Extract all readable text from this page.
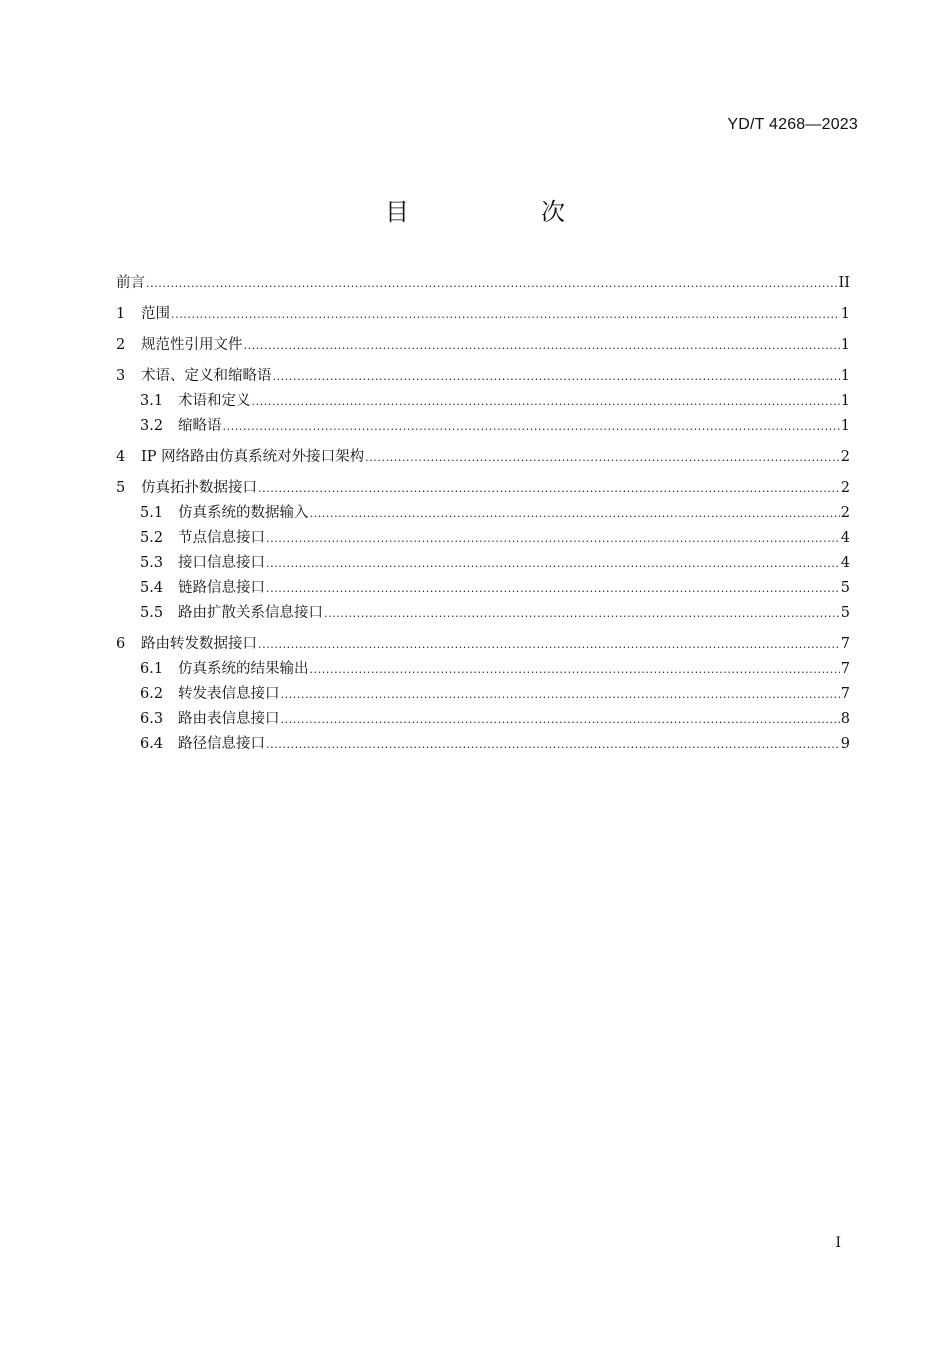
YD/T 4268—2023
目　次
前言 .....	II
1	范围 .....	1
2	规范性引用文件 .....	1
3	术语、定义和缩略语 .....	1
3.1	术语和定义 .....	1
3.2	缩略语 .....	1
4	IP 网络路由仿真系统对外接口架构 .....	2
5	仿真拓扑数据接口 .....	2
5.1	仿真系统的数据输入 .....	2
5.2	节点信息接口 .....	4
5.3	接口信息接口 .....	4
5.4	链路信息接口 .....	5
5.5	路由扩散关系信息接口 .....	5
6	路由转发数据接口 .....	7
6.1	仿真系统的结果输出 .....	7
6.2	转发表信息接口 .....	7
6.3	路由表信息接口 .....	8
6.4	路径信息接口 .....	9
I
